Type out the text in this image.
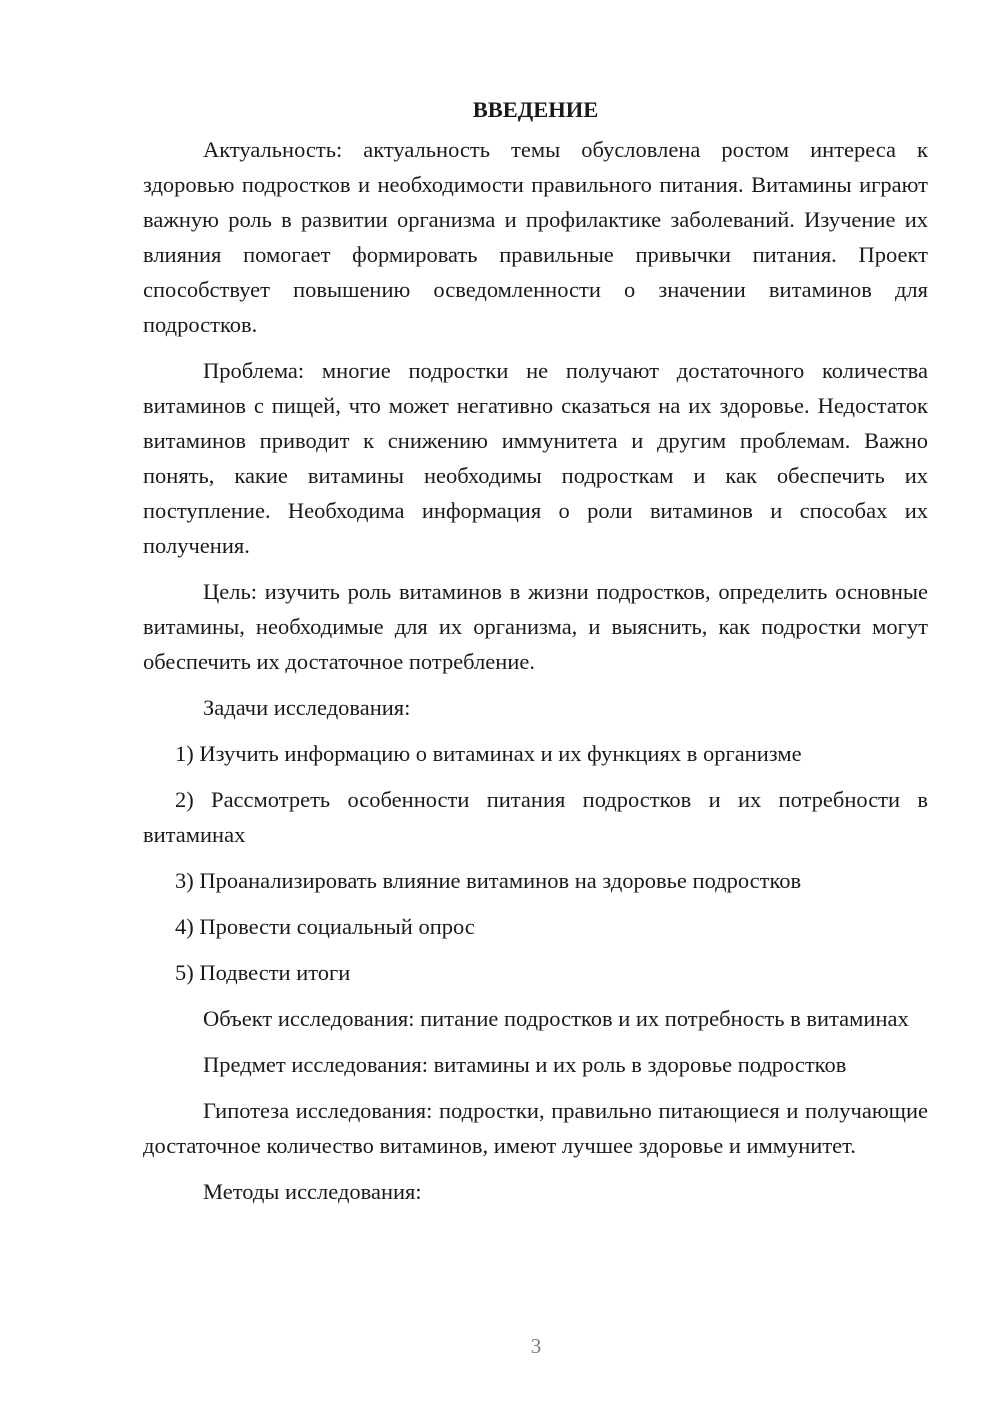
ВВЕДЕНИЕ

Актуальность: актуальность темы обусловлена ростом интереса к здоровью подростков и необходимости правильного питания. Витамины играют важную роль в развитии организма и профилактике заболеваний. Изучение их влияния помогает формировать правильные привычки питания. Проект способствует повышению осведомленности о значении витаминов для подростков.

Проблема: многие подростки не получают достаточного количества витаминов с пищей, что может негативно сказаться на их здоровье. Недостаток витаминов приводит к снижению иммунитета и другим проблемам. Важно понять, какие витамины необходимы подросткам и как обеспечить их поступление. Необходима информация о роли витаминов и способах их получения.

Цель: изучить роль витаминов в жизни подростков, определить основные витамины, необходимые для их организма, и выяснить, как подростки могут обеспечить их достаточное потребление.

Задачи исследования:

1) Изучить информацию о витаминах и их функциях в организме

2) Рассмотреть особенности питания подростков и их потребности в витаминах

3) Проанализировать влияние витаминов на здоровье подростков

4) Провести социальный опрос

5) Подвести итоги

Объект исследования: питание подростков и их потребность в витаминах

Предмет исследования: витамины и их роль в здоровье подростков

Гипотеза исследования: подростки, правильно питающиеся и получающие достаточное количество витаминов, имеют лучшее здоровье и иммунитет.

Методы исследования:

3
